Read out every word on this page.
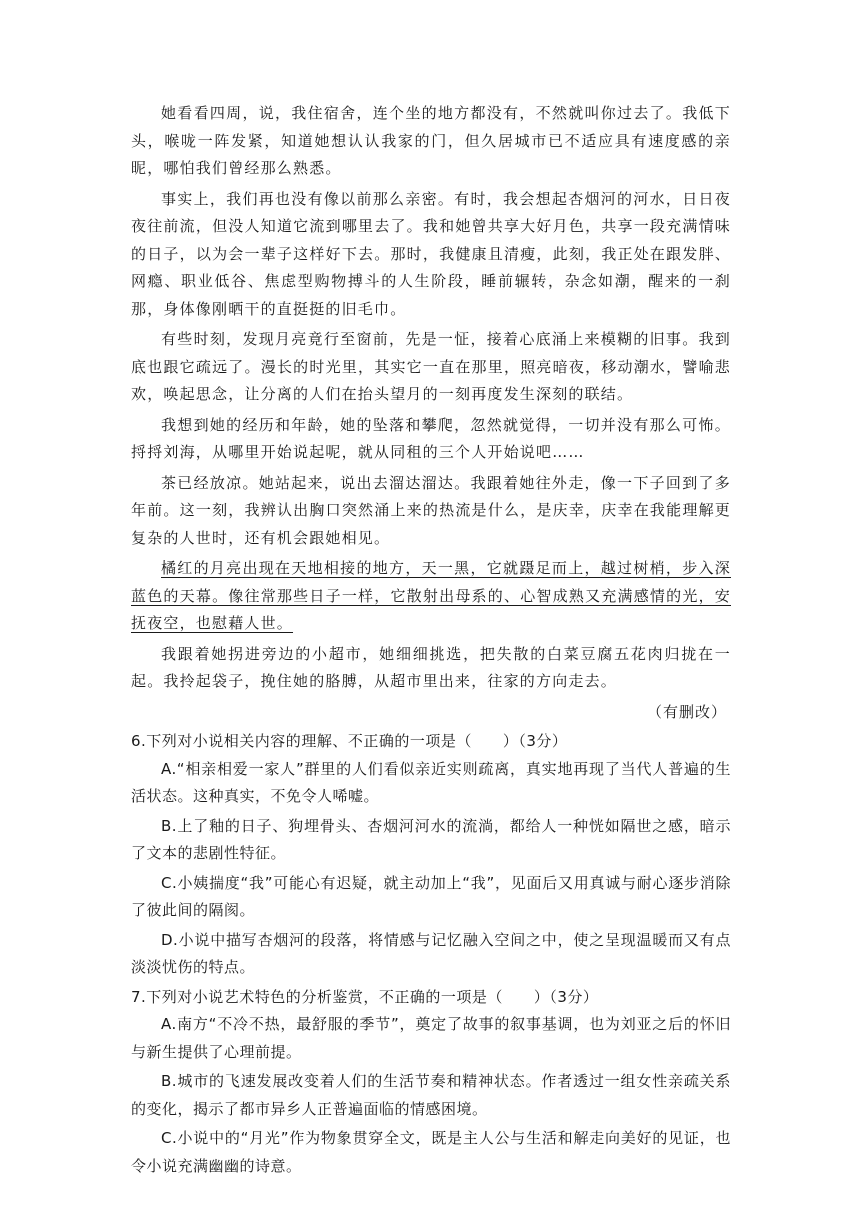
她看看四周，说，我住宿舍，连个坐的地方都没有，不然就叫你过去了。我低下头，喉咙一阵发紧，知道她想认认我家的门，但久居城市已不适应具有速度感的亲昵，哪怕我们曾经那么熟悉。

事实上，我们再也没有像以前那么亲密。有时，我会想起杏烟河的河水，日日夜夜往前流，但没人知道它流到哪里去了。我和她曾共享大好月色，共享一段充满情味的日子，以为会一辈子这样好下去。那时，我健康且清瘦，此刻，我正处在跟发胖、网瘾、职业低谷、焦虑型购物搏斗的人生阶段，睡前辗转，杂念如潮，醒来的一刹那，身体像刚晒干的直挺挺的旧毛巾。

有些时刻，发现月亮竟行至窗前，先是一怔，接着心底涌上来模糊的旧事。我到底也跟它疏远了。漫长的时光里，其实它一直在那里，照亮暗夜，移动潮水，譬喻悲欢，唤起思念，让分离的人们在抬头望月的一刻再度发生深刻的联结。

我想到她的经历和年龄，她的坠落和攀爬，忽然就觉得，一切并没有那么可怖。捋捋刘海，从哪里开始说起呢，就从同租的三个人开始说吧……

茶已经放凉。她站起来，说出去溜达溜达。我跟着她往外走，像一下子回到了多年前。这一刻，我辨认出胸口突然涌上来的热流是什么，是庆幸，庆幸在我能理解更复杂的人世时，还有机会跟她相见。

橘红的月亮出现在天地相接的地方，天一黑，它就蹑足而上，越过树梢，步入深蓝色的天幕。像往常那些日子一样，它散射出母系的、心智成熟又充满感情的光，安抚夜空，也慰藉人世。

我跟着她拐进旁边的小超市，她细细挑选，把失散的白菜豆腐五花肉归拢在一起。我拎起袋子，挽住她的胳膊，从超市里出来，往家的方向走去。

（有删改）

6.下列对小说相关内容的理解、不正确的一项是（　　）（3分）

A.“相亲相爱一家人”群里的人们看似亲近实则疏离，真实地再现了当代人普遍的生活状态。这种真实，不免令人唏嘘。

B.上了釉的日子、狗埋骨头、杏烟河河水的流淌，都给人一种恍如隔世之感，暗示了文本的悲剧性特征。

C.小姨揣度“我”可能心有迟疑，就主动加上“我”，见面后又用真诚与耐心逐步消除了彼此间的隔阂。

D.小说中描写杏烟河的段落，将情感与记忆融入空间之中，使之呈现温暖而又有点淡淡忧伤的特点。

7.下列对小说艺术特色的分析鉴赏，不正确的一项是（　　）（3分）

A.南方“不冷不热，最舒服的季节”，奠定了故事的叙事基调，也为刘亚之后的怀旧与新生提供了心理前提。

B.城市的飞速发展改变着人们的生活节奏和精神状态。作者透过一组女性亲疏关系的变化，揭示了都市异乡人正普遍面临的情感困境。

C.小说中的“月光”作为物象贯穿全文，既是主人公与生活和解走向美好的见证，也令小说充满幽幽的诗意。
